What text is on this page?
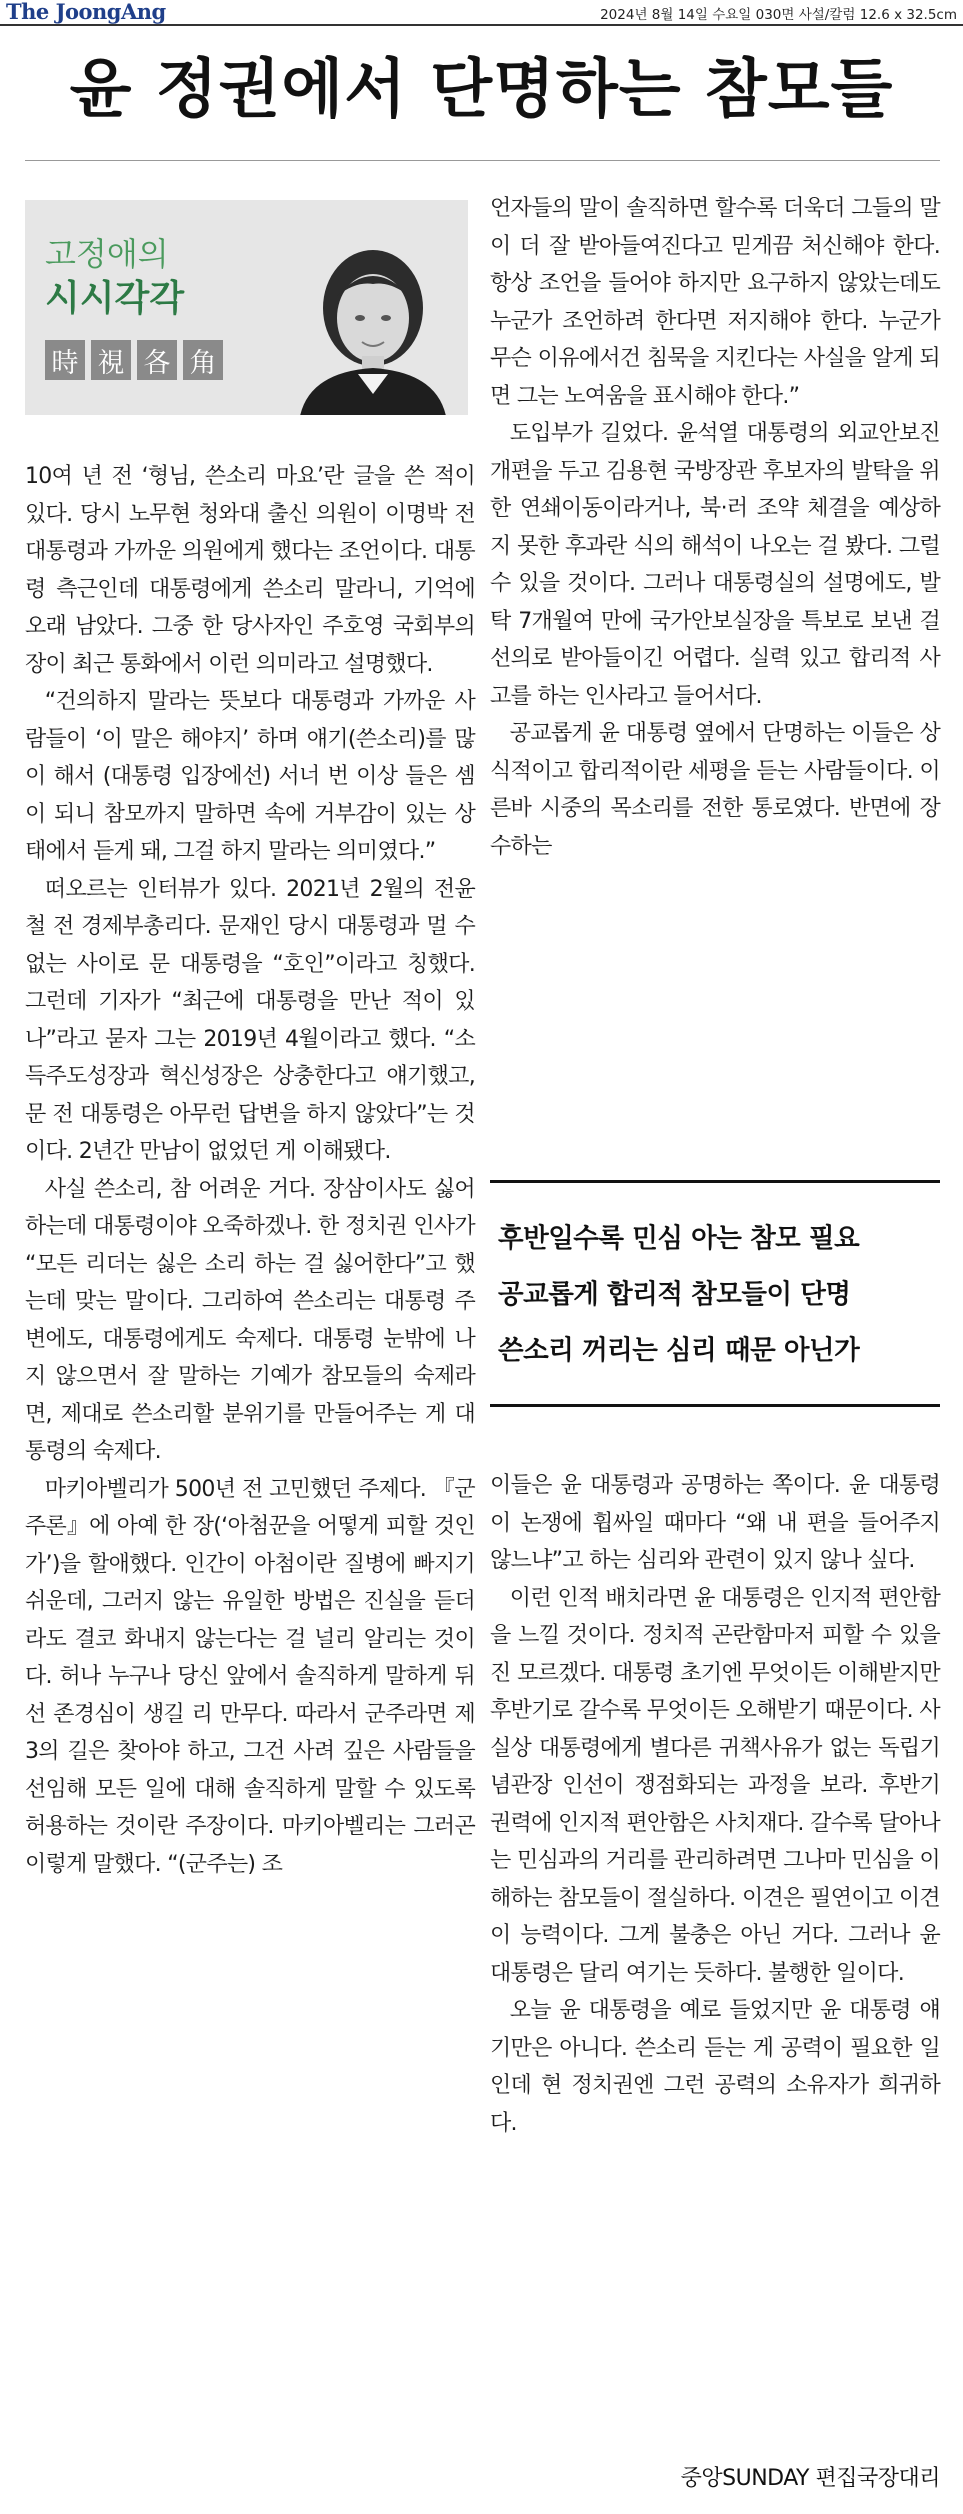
The JoongAng	2024년 8월 14일 수요일 030면 사설/칼럼 12.6 x 32.5cm
윤 정권에서 단명하는 참모들
고정애의
시시각각
時 視 各 角

10여 년 전 ‘형님, 쓴소리 마요’란 글을 쓴 적이 있다. 당시 노무현 청와대 출신 의원이 이명박 전 대통령과 가까운 의원에게 했다는 조언이다. 대통령 측근인데 대통령에게 쓴소리 말라니, 기억에 오래 남았다. 그중 한 당사자인 주호영 국회부의장이 최근 통화에서 이런 의미라고 설명했다.

“건의하지 말라는 뜻보다 대통령과 가까운 사람들이 ‘이 말은 해야지’ 하며 얘기(쓴소리)를 많이 해서 (대통령 입장에선) 서너 번 이상 들은 셈이 되니 참모까지 말하면 속에 거부감이 있는 상태에서 듣게 돼, 그걸 하지 말라는 의미였다.”

떠오르는 인터뷰가 있다. 2021년 2월의 전윤철 전 경제부총리다. 문재인 당시 대통령과 멀 수 없는 사이로 문 대통령을 “호인”이라고 칭했다. 그런데 기자가 “최근에 대통령을 만난 적이 있나”라고 묻자 그는 2019년 4월이라고 했다. “소득주도성장과 혁신성장은 상충한다고 얘기했고, 문 전 대통령은 아무런 답변을 하지 않았다”는 것이다. 2년간 만남이 없었던 게 이해됐다.

사실 쓴소리, 참 어려운 거다. 장삼이사도 싫어하는데 대통령이야 오죽하겠나. 한 정치권 인사가 “모든 리더는 싫은 소리 하는 걸 싫어한다”고 했는데 맞는 말이다. 그리하여 쓴소리는 대통령 주변에도, 대통령에게도 숙제다. 대통령 눈밖에 나지 않으면서 잘 말하는 기예가 참모들의 숙제라면, 제대로 쓴소리할 분위기를 만들어주는 게 대통령의 숙제다.

마키아벨리가 500년 전 고민했던 주제다. 『군주론』에 아예 한 장(‘아첨꾼을 어떻게 피할 것인가’)을 할애했다. 인간이 아첨이란 질병에 빠지기 쉬운데, 그러지 않는 유일한 방법은 진실을 듣더라도 결코 화내지 않는다는 걸 널리 알리는 것이다. 허나 누구나 당신 앞에서 솔직하게 말하게 뒤선 존경심이 생길 리 만무다. 따라서 군주라면 제3의 길은 찾아야 하고, 그건 사려 깊은 사람들을 선임해 모든 일에 대해 솔직하게 말할 수 있도록 허용하는 것이란 주장이다. 마키아벨리는 그러곤 이렇게 말했다. “(군주는) 조

언자들의 말이 솔직하면 할수록 더욱더 그들의 말이 더 잘 받아들여진다고 믿게끔 처신해야 한다. 항상 조언을 들어야 하지만 요구하지 않았는데도 누군가 조언하려 한다면 저지해야 한다. 누군가 무슨 이유에서건 침묵을 지킨다는 사실을 알게 되면 그는 노여움을 표시해야 한다.”

도입부가 길었다. 윤석열 대통령의 외교안보진 개편을 두고 김용현 국방장관 후보자의 발탁을 위한 연쇄이동이라거나, 북·러 조약 체결을 예상하지 못한 후과란 식의 해석이 나오는 걸 봤다. 그럴 수 있을 것이다. 그러나 대통령실의 설명에도, 발탁 7개월여 만에 국가안보실장을 특보로 보낸 걸 선의로 받아들이긴 어렵다. 실력 있고 합리적 사고를 하는 인사라고 들어서다.

공교롭게 윤 대통령 옆에서 단명하는 이들은 상식적이고 합리적이란 세평을 듣는 사람들이다. 이른바 시중의 목소리를 전한 통로였다. 반면에 장수하는

후반일수록 민심 아는 참모 필요
공교롭게 합리적 참모들이 단명
쓴소리 꺼리는 심리 때문 아닌가

이들은 윤 대통령과 공명하는 쪽이다. 윤 대통령이 논쟁에 휩싸일 때마다 “왜 내 편을 들어주지 않느냐”고 하는 심리와 관련이 있지 않나 싶다.

이런 인적 배치라면 윤 대통령은 인지적 편안함을 느낄 것이다. 정치적 곤란함마저 피할 수 있을진 모르겠다. 대통령 초기엔 무엇이든 이해받지만 후반기로 갈수록 무엇이든 오해받기 때문이다. 사실상 대통령에게 별다른 귀책사유가 없는 독립기념관장 인선이 쟁점화되는 과정을 보라. 후반기 권력에 인지적 편안함은 사치재다. 갈수록 달아나는 민심과의 거리를 관리하려면 그나마 민심을 이해하는 참모들이 절실하다. 이견은 필연이고 이견이 능력이다. 그게 불충은 아닌 거다. 그러나 윤 대통령은 달리 여기는 듯하다. 불행한 일이다.

오늘 윤 대통령을 예로 들었지만 윤 대통령 얘기만은 아니다. 쓴소리 듣는 게 공력이 필요한 일인데 현 정치권엔 그런 공력의 소유자가 희귀하다.

중앙SUNDAY 편집국장대리
